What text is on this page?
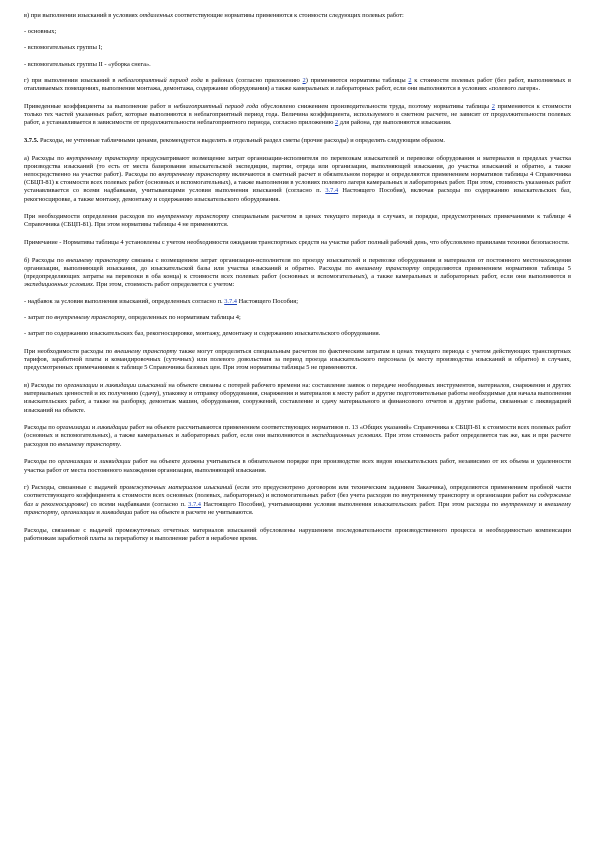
в) при выполнении изысканий в условиях отдаленных соответствующие нормативы применяются к стоимости следующих полевых работ:

- основных;

- вспомогательных группы I;

- вспомогательных группы II - «уборка снега».

г) при выполнении изысканий в неблагоприятный период года в районах (согласно приложению 2) применяются нормативы таблицы 2 к стоимости полевых работ (без работ, выполняемых в отапливаемых помещениях, выполнения монтажа, демонтажа, содержание оборудования) а также камеральных и лабораторных работ, если они выполняются в условиях «полевого лагеря».

Приведенные коэффициенты за выполнение работ в неблагоприятный период года обусловлено снижением производительности труда, поэтому нормативы таблицы 2 применяются к стоимости только тех частей указанных работ, которые выполняются в неблагоприятный период года. Величина коэффициента, используемого в сметном расчете, не зависит от продолжительности полевых работ, а устанавливается в зависимости от продолжительности неблагоприятного периода, согласно приложению 2 для района, где выполняются изыскания.

3.7.5. Расходы, не учтенные табличными ценами, рекомендуется выделять в отдельный раздел сметы (прочие расходы) и определять следующим образом.

а) Расходы по внутреннему транспорту предусматривают возмещение затрат организации-исполнителя по перевозкам изыскателей и перевозке оборудования и материалов в пределах участка производства изысканий (то есть от места базирования изыскательской экспедиции, партии, отряда или организации, выполняющей изыскания, до участка изысканий и обратно, а также непосредственно на участке работ). Расходы по внутреннему транспорту включаются в сметный расчет в обязательном порядке и определяются применением нормативов таблицы 4 Справочника (СБЦП-81) к стоимости всех полевых работ (основных и вспомогательных), а также выполнения в условиях полевого лагеря камеральных и лабораторных работ. При этом, стоимость указанных работ устанавливается со всеми надбавками, учитывающими условия выполнения изысканий (согласно п. 3.7.4 Настоящего Пособия), включая расходы по содержанию изыскательских баз, рекогносцировке, а также монтажу, демонтажу и содержанию изыскательского оборудования.

При необходимости определения расходов по внутреннему транспорту специальным расчетом в ценах текущего периода в случаях, и порядке, предусмотренных примечаниями к таблице 4 Справочника (СБЦП-81). При этом нормативы таблицы 4 не применяются.

Примечание - Нормативы таблицы 4 установлены с учетом необходимости ожидания транспортных средств на участке работ полный рабочий день, что обусловлено правилами техники безопасности.

б) Расходы по внешнему транспорту связаны с возмещением затрат организации-исполнителя по проезду изыскателей и перевозке оборудования и материалов от постоянного местонахождения организации, выполняющей изыскания, до изыскательской базы или участка изысканий и обратно. Расходы по внешнему транспорту определяются применением нормативов таблицы 5 (предопределяющих затраты на перевозки в оба конца) к стоимости всех полевых работ (основных и вспомогательных), а также камеральных и лабораторных работ, если они выполняются в экспедиционных условиях. При этом, стоимость работ определяется с учетом:

- надбавок за условия выполнения изысканий, определенных согласно п. 3.7.4 Настоящего Пособия;

- затрат по внутреннему транспорту, определенных по нормативам таблицы 4;

- затрат по содержанию изыскательских баз, рекогносцировке, монтажу, демонтажу и содержанию изыскательского оборудования.

При необходимости расходы по внешнему транспорту также могут определяться специальным расчетом по фактическим затратам в ценах текущего периода с учетом действующих транспортных тарифов, заработной платы и командировочных (суточных) или полевого довольствия за период проезда изыскательского персонала (к месту производства изысканий и обратно) в случаях, предусмотренных примечаниями к таблице 5 Справочника базовых цен. При этом нормативы таблицы 5 не применяются.

в) Расходы по организации и ликвидации изысканий на объекте связаны с потерей рабочего времени на: составление заявок о передаче необходимых инструментов, материалов, снаряжения и других материальных ценностей и их получению (сдачу), упаковку и отправку оборудования, снаряжения и материалов к месту работ и другие подготовительные работы необходимые для начала выполнения изыскательских работ, а также на разборку, демонтаж машин, оборудования, сооружений, составление и сдачу материального и финансового отчетов и другие работы, связанные с ликвидацией изысканий на объекте.

Расходы по организации и ликвидации работ на объекте рассчитываются применением соответствующих нормативов п. 13 «Общих указаний» Справочника к СБЦП-81 к стоимости всех полевых работ (основных и вспомогательных), а также камеральных и лабораторных работ, если они выполняются в экспедиционных условиях. При этом стоимость работ определяется так же, как и при расчете расходов по внешнему транспорту.

Расходы по организации и ликвидации работ на объекте должны учитываться в обязательном порядке при производстве всех видов изыскательских работ, независимо от их объема и удаленности участка работ от места постоянного нахождения организации, выполняющей изыскания.

г) Расходы, связанные с выдачей промежуточных материалов изысканий (если это предусмотрено договором или техническим заданием Заказчика), определяются применением пробной части соответствующего коэффициента к стоимости всех основных (полевых, лабораторных) и вспомогательных работ (без учета расходов по внутреннему транспорту и организации работ на содержание баз и рекогносцировке) со всеми надбавками (согласно п. 3.7.4 Настоящего Пособия), учитывающими условия выполнения изыскательских работ. При этом расходы по внутреннему и внешнему транспорту, организации и ликвидации работ на объекте в расчете не учитываются.

Расходы, связанные с выдачей промежуточных отчетных материалов изысканий обусловлены нарушением последовательности производственного процесса и необходимостью компенсации работникам заработной платы за переработку и выполнение работ в нерабочее время.
